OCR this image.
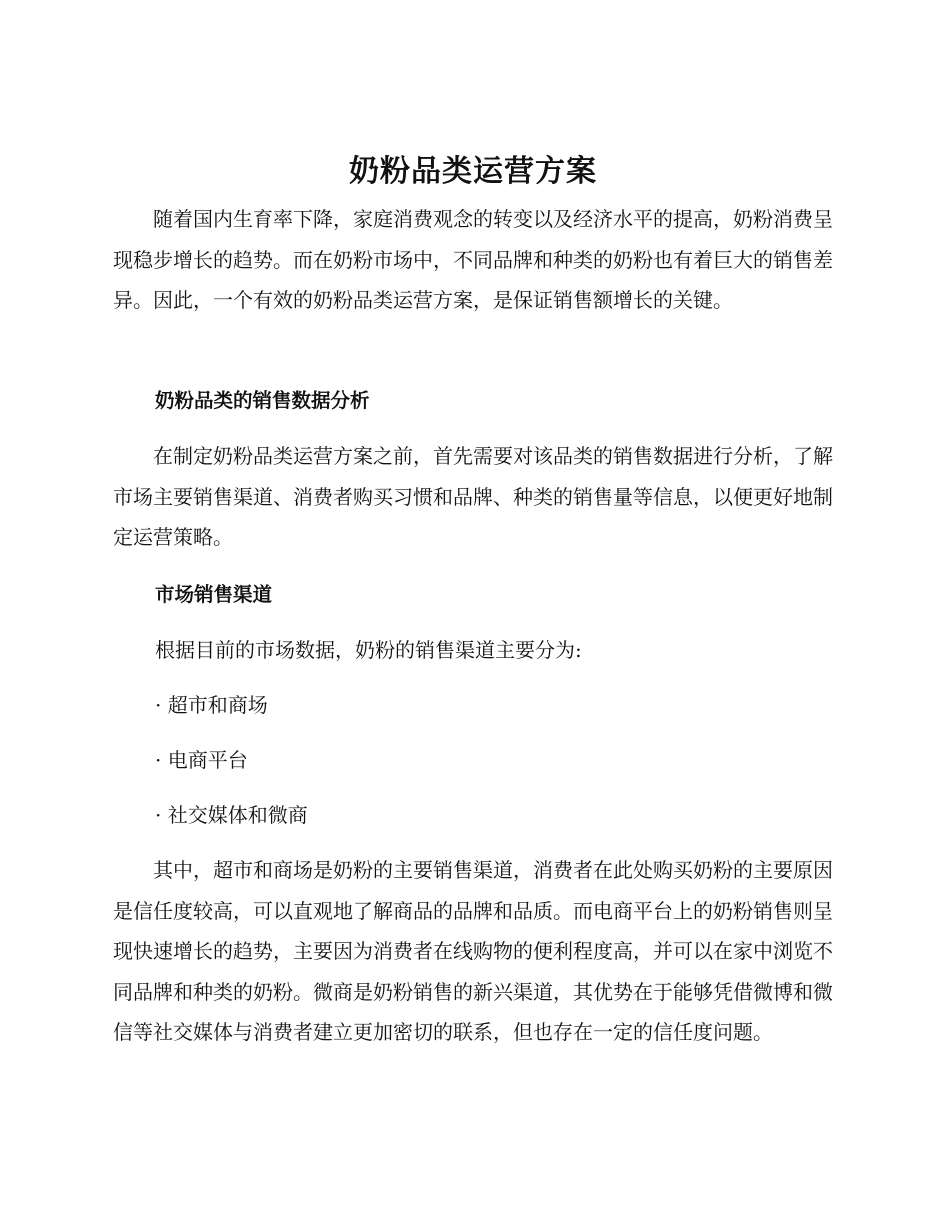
奶粉品类运营方案

随着国内生育率下降，家庭消费观念的转变以及经济水平的提高，奶粉消费呈现稳步增长的趋势。而在奶粉市场中，不同品牌和种类的奶粉也有着巨大的销售差异。因此，一个有效的奶粉品类运营方案，是保证销售额增长的关键。

奶粉品类的销售数据分析

在制定奶粉品类运营方案之前，首先需要对该品类的销售数据进行分析，了解市场主要销售渠道、消费者购买习惯和品牌、种类的销售量等信息，以便更好地制定运营策略。

市场销售渠道

根据目前的市场数据，奶粉的销售渠道主要分为:

· 超市和商场

· 电商平台

· 社交媒体和微商

其中，超市和商场是奶粉的主要销售渠道，消费者在此处购买奶粉的主要原因是信任度较高，可以直观地了解商品的品牌和品质。而电商平台上的奶粉销售则呈现快速增长的趋势，主要因为消费者在线购物的便利程度高，并可以在家中浏览不同品牌和种类的奶粉。微商是奶粉销售的新兴渠道，其优势在于能够凭借微博和微信等社交媒体与消费者建立更加密切的联系，但也存在一定的信任度问题。
